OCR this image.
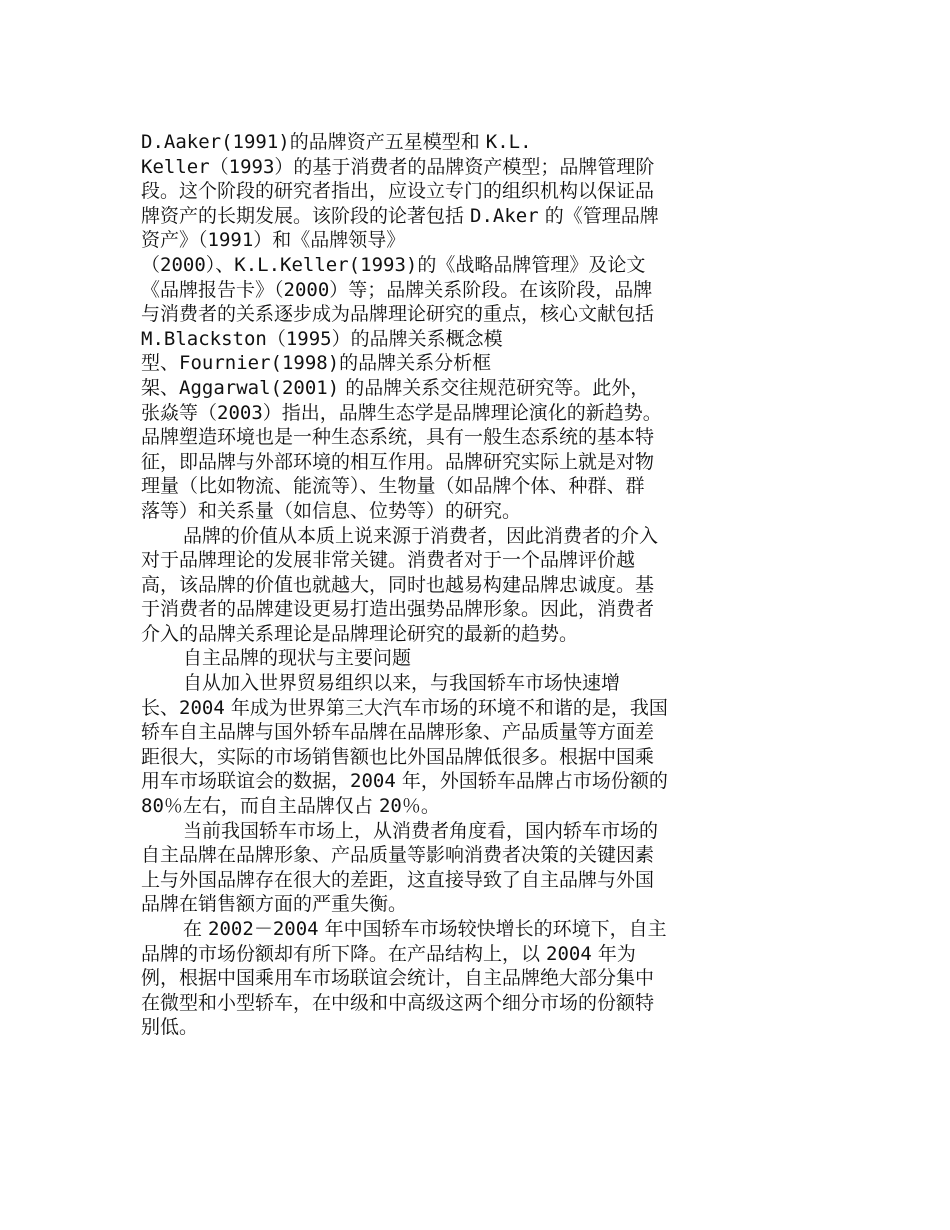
D.Aaker(1991)的品牌资产五星模型和 K.L.
Keller（1993）的基于消费者的品牌资产模型；品牌管理阶
段。这个阶段的研究者指出，应设立专门的组织机构以保证品
牌资产的长期发展。该阶段的论著包括 D.Aker 的《管理品牌
资产》（1991）和《品牌领导》
（2000）、K.L.Keller(1993)的《战略品牌管理》及论文
《品牌报告卡》（2000）等；品牌关系阶段。在该阶段，品牌
与消费者的关系逐步成为品牌理论研究的重点，核心文献包括
M.Blackston（1995）的品牌关系概念模
型、Fournier(1998)的品牌关系分析框
架、Aggarwal(2001) 的品牌关系交往规范研究等。此外，
张焱等（2003）指出，品牌生态学是品牌理论演化的新趋势。
品牌塑造环境也是一种生态系统，具有一般生态系统的基本特
征，即品牌与外部环境的相互作用。品牌研究实际上就是对物
理量（比如物流、能流等）、生物量（如品牌个体、种群、群
落等）和关系量（如信息、位势等）的研究。
品牌的价值从本质上说来源于消费者，因此消费者的介入
对于品牌理论的发展非常关键。消费者对于一个品牌评价越
高，该品牌的价值也就越大，同时也越易构建品牌忠诚度。基
于消费者的品牌建设更易打造出强势品牌形象。因此，消费者
介入的品牌关系理论是品牌理论研究的最新的趋势。
自主品牌的现状与主要问题
自从加入世界贸易组织以来，与我国轿车市场快速增
长、2004 年成为世界第三大汽车市场的环境不和谐的是，我国
轿车自主品牌与国外轿车品牌在品牌形象、产品质量等方面差
距很大，实际的市场销售额也比外国品牌低很多。根据中国乘
用车市场联谊会的数据，2004 年，外国轿车品牌占市场份额的
80％左右，而自主品牌仅占 20％。
当前我国轿车市场上，从消费者角度看，国内轿车市场的
自主品牌在品牌形象、产品质量等影响消费者决策的关键因素
上与外国品牌存在很大的差距，这直接导致了自主品牌与外国
品牌在销售额方面的严重失衡。
在 2002－2004 年中国轿车市场较快增长的环境下，自主
品牌的市场份额却有所下降。在产品结构上，以 2004 年为
例，根据中国乘用车市场联谊会统计，自主品牌绝大部分集中
在微型和小型轿车，在中级和中高级这两个细分市场的份额特
别低。
